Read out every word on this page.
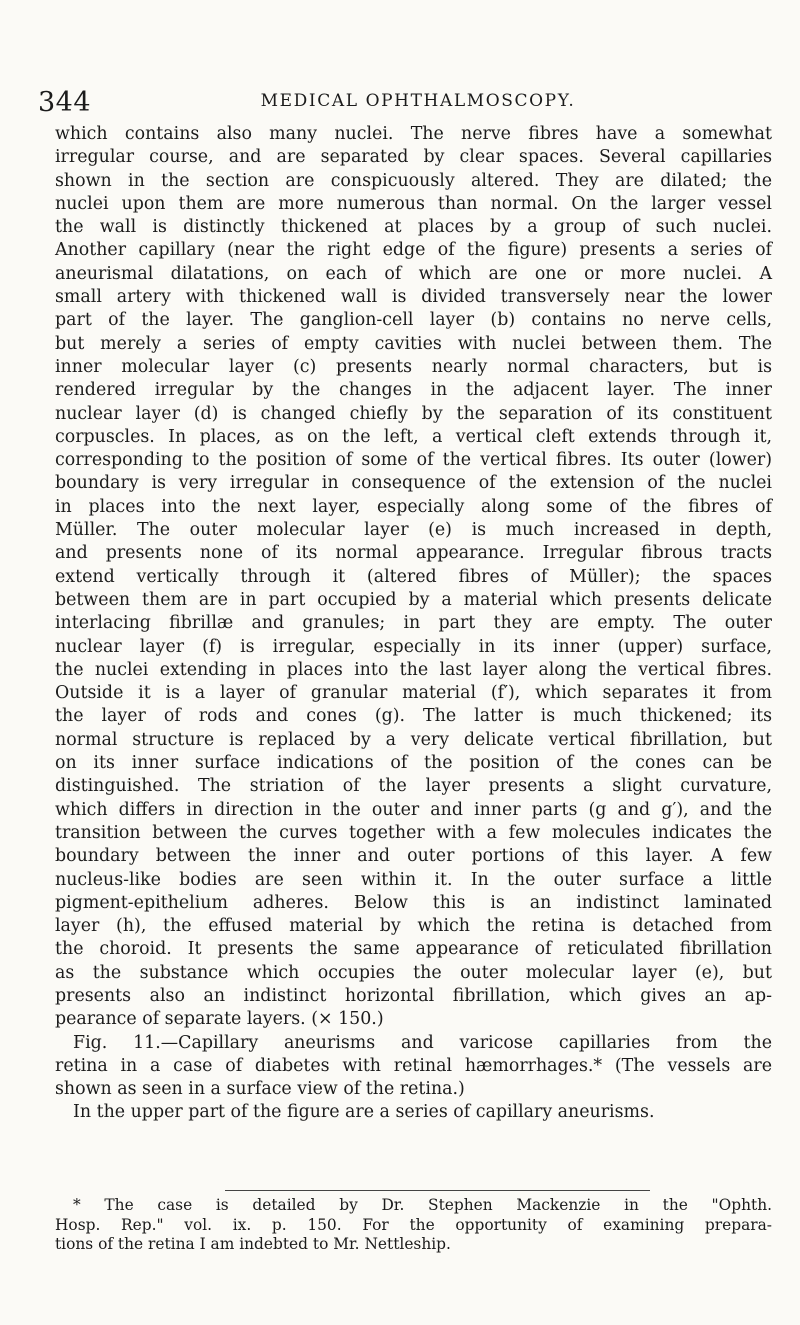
344	MEDICAL OPHTHALMOSCOPY.
which contains also many nuclei. The nerve fibres have a somewhat
irregular course, and are separated by clear spaces. Several capillaries
shown in the section are conspicuously altered. They are dilated; the
nuclei upon them are more numerous than normal. On the larger vessel
the wall is distinctly thickened at places by a group of such nuclei.
Another capillary (near the right edge of the figure) presents a series of
aneurismal dilatations, on each of which are one or more nuclei. A
small artery with thickened wall is divided transversely near the lower
part of the layer. The ganglion-cell layer (b) contains no nerve cells,
but merely a series of empty cavities with nuclei between them. The
inner molecular layer (c) presents nearly normal characters, but is
rendered irregular by the changes in the adjacent layer. The inner
nuclear layer (d) is changed chiefly by the separation of its constituent
corpuscles. In places, as on the left, a vertical cleft extends through it,
corresponding to the position of some of the vertical fibres. Its outer (lower)
boundary is very irregular in consequence of the extension of the nuclei
in places into the next layer, especially along some of the fibres of
Müller. The outer molecular layer (e) is much increased in depth,
and presents none of its normal appearance. Irregular fibrous tracts
extend vertically through it (altered fibres of Müller); the spaces
between them are in part occupied by a material which presents delicate
interlacing fibrillæ and granules; in part they are empty. The outer
nuclear layer (f) is irregular, especially in its inner (upper) surface,
the nuclei extending in places into the last layer along the vertical fibres.
Outside it is a layer of granular material (f′), which separates it from
the layer of rods and cones (g). The latter is much thickened; its
normal structure is replaced by a very delicate vertical fibrillation, but
on its inner surface indications of the position of the cones can be
distinguished. The striation of the layer presents a slight curvature,
which differs in direction in the outer and inner parts (g and g′), and the
transition between the curves together with a few molecules indicates the
boundary between the inner and outer portions of this layer. A few
nucleus-like bodies are seen within it. In the outer surface a little
pigment-epithelium adheres. Below this is an indistinct laminated
layer (h), the effused material by which the retina is detached from
the choroid. It presents the same appearance of reticulated fibrillation
as the substance which occupies the outer molecular layer (e), but
presents also an indistinct horizontal fibrillation, which gives an ap-
pearance of separate layers. (× 150.)
Fig. 11.—Capillary aneurisms and varicose capillaries from the
retina in a case of diabetes with retinal hæmorrhages.* (The vessels are
shown as seen in a surface view of the retina.)
In the upper part of the figure are a series of capillary aneurisms.
* The case is detailed by Dr. Stephen Mackenzie in the "Ophth.
Hosp. Rep." vol. ix. p. 150. For the opportunity of examining prepara-
tions of the retina I am indebted to Mr. Nettleship.
